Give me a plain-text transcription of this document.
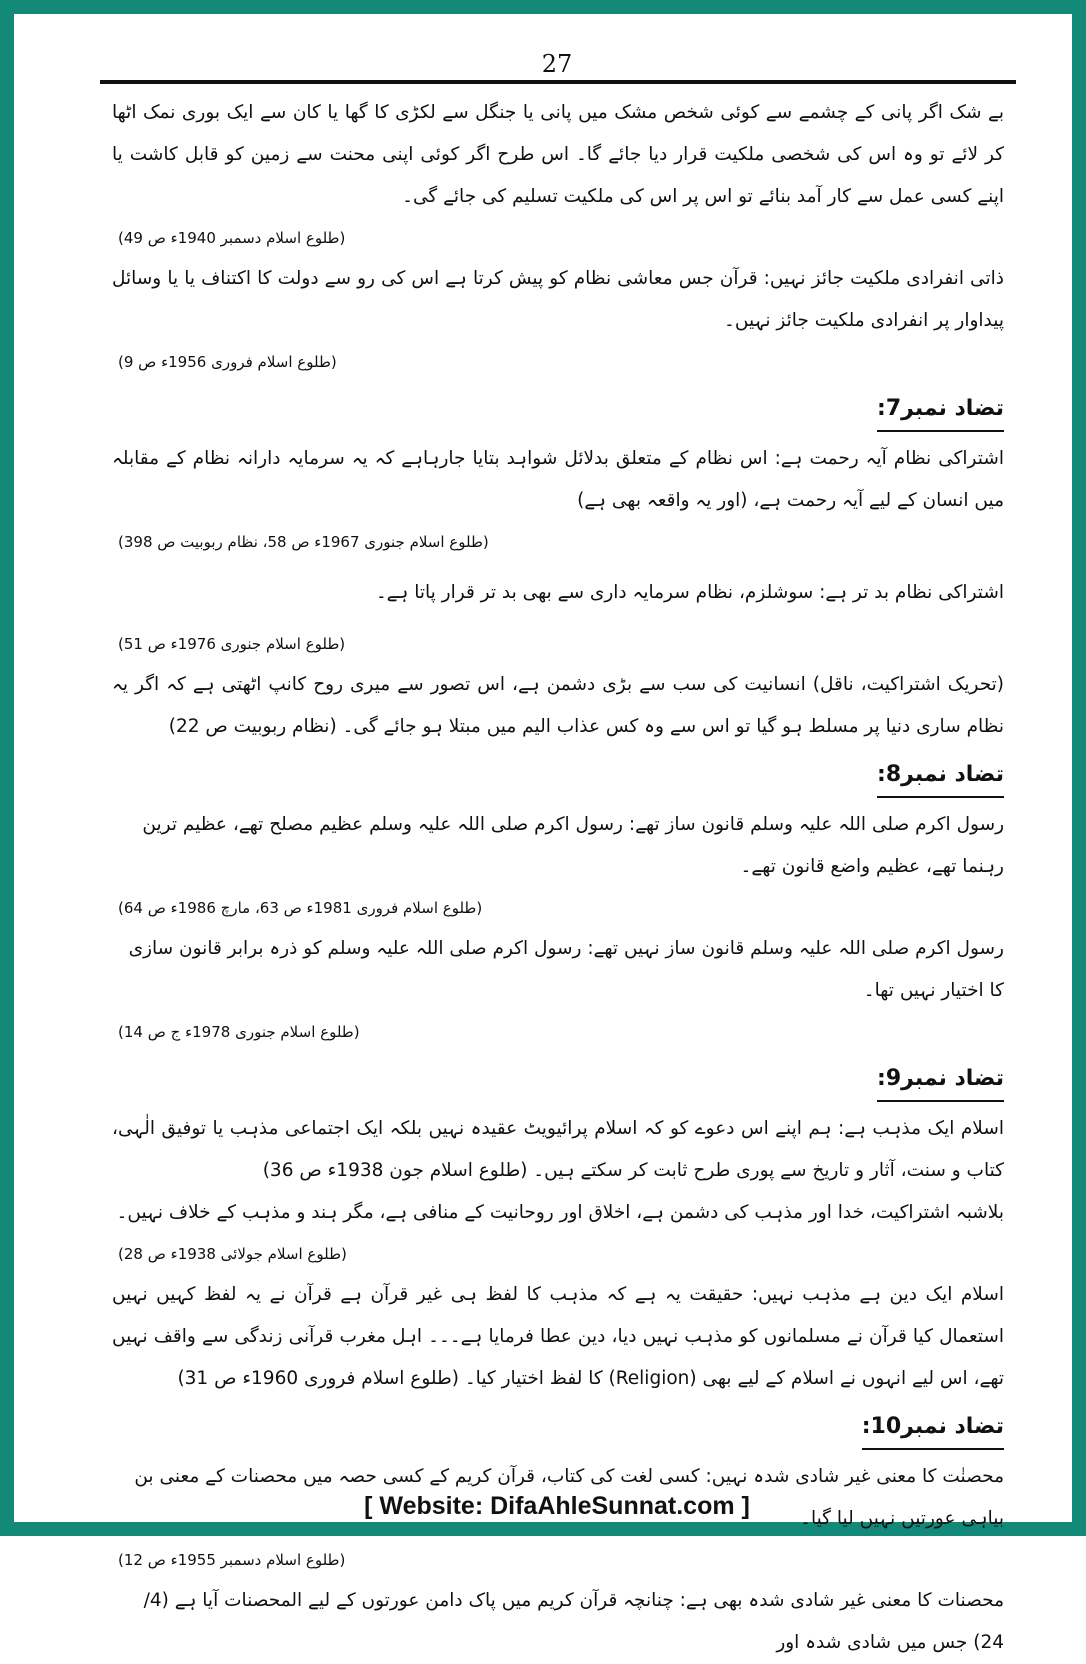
27

بے شک اگر پانی کے چشمے سے کوئی شخص مشک میں پانی یا جنگل سے لکڑی کا گھا یا کان سے ایک بوری نمک اٹھا کر لائے تو وہ اس کی شخصی ملکیت قرار دیا جائے گا۔ اس طرح اگر کوئی اپنی محنت سے زمین کو قابل کاشت یا اپنے کسی عمل سے کار آمد بنائے تو اس پر اس کی ملکیت تسلیم کی جائے گی۔

(طلوع اسلام دسمبر 1940ء ص 49)

ذاتی انفرادی ملکیت جائز نہیں: قرآن جس معاشی نظام کو پیش کرتا ہے اس کی رو سے دولت کا اکتناف یا یا وسائل پیداوار پر انفرادی ملکیت جائز نہیں۔

(طلوع اسلام فروری 1956ء ص 9)

تضاد نمبر7:

اشتراکی نظام آیہ رحمت ہے: اس نظام کے متعلق بدلائل شواہد بتایا جارہاہے کہ یہ سرمایہ دارانہ نظام کے مقابلہ میں انسان کے لیے آیہ رحمت ہے، (اور یہ واقعہ بھی ہے)

(طلوع اسلام جنوری 1967ء ص 58، نظام ربوبیت ص 398)

اشتراکی نظام بد تر ہے: سوشلزم، نظام سرمایہ داری سے بھی بد تر قرار پاتا ہے۔

(طلوع اسلام جنوری 1976ء ص 51)

(تحریک اشتراکیت، ناقل) انسانیت کی سب سے بڑی دشمن ہے، اس تصور سے میری روح کانپ اٹھتی ہے کہ اگر یہ نظام ساری دنیا پر مسلط ہو گیا تو اس سے وہ کس عذاب الیم میں مبتلا ہو جائے گی۔ (نظام ربوبیت ص 22)

تضاد نمبر8:

رسول اکرم صلی اللہ علیہ وسلم قانون ساز تھے: رسول اکرم صلی اللہ علیہ وسلم عظیم مصلح تھے، عظیم ترین رہنما تھے، عظیم واضع قانون تھے۔

(طلوع اسلام فروری 1981ء ص 63، مارچ 1986ء ص 64)

رسول اکرم صلی اللہ علیہ وسلم قانون ساز نہیں تھے: رسول اکرم صلی اللہ علیہ وسلم کو ذرہ برابر قانون سازی کا اختیار نہیں تھا۔

(طلوع اسلام جنوری 1978ء ج ص 14)

تضاد نمبر9:

اسلام ایک مذہب ہے: ہم اپنے اس دعوے کو کہ اسلام پرائیویٹ عقیدہ نہیں بلکہ ایک اجتماعی مذہب یا توفیق الٰہی، کتاب و سنت، آثار و تاریخ سے پوری طرح ثابت کر سکتے ہیں۔ (طلوع اسلام جون 1938ء ص 36)

بلاشبہ اشتراکیت، خدا اور مذہب کی دشمن ہے، اخلاق اور روحانیت کے منافی ہے، مگر ہند و مذہب کے خلاف نہیں۔

(طلوع اسلام جولائی 1938ء ص 28)

اسلام ایک دین ہے مذہب نہیں: حقیقت یہ ہے کہ مذہب کا لفظ ہی غیر قرآن ہے قرآن نے یہ لفظ کہیں نہیں استعمال کیا قرآن نے مسلمانوں کو مذہب نہیں دیا، دین عطا فرمایا ہے۔۔۔ اہل مغرب قرآنی زندگی سے واقف نہیں تھے، اس لیے انہوں نے اسلام کے لیے بھی (Religion) کا لفظ اختیار کیا۔ (طلوع اسلام فروری 1960ء ص 31)

تضاد نمبر10:

محصنٰت کا معنی غیر شادی شدہ نہیں: کسی لغت کی کتاب، قرآن کریم کے کسی حصہ میں محصنات کے معنی بن بیاہی عورتیں نہیں لیا گیا۔

(طلوع اسلام دسمبر 1955ء ص 12)

محصنات کا معنی غیر شادی شدہ بھی ہے: چنانچہ قرآن کریم میں پاک دامن عورتوں کے لیے المحصنات آیا ہے (4/ 24) جس میں شادی شدہ اور

[ Website: DifaAhleSunnat.com ]
